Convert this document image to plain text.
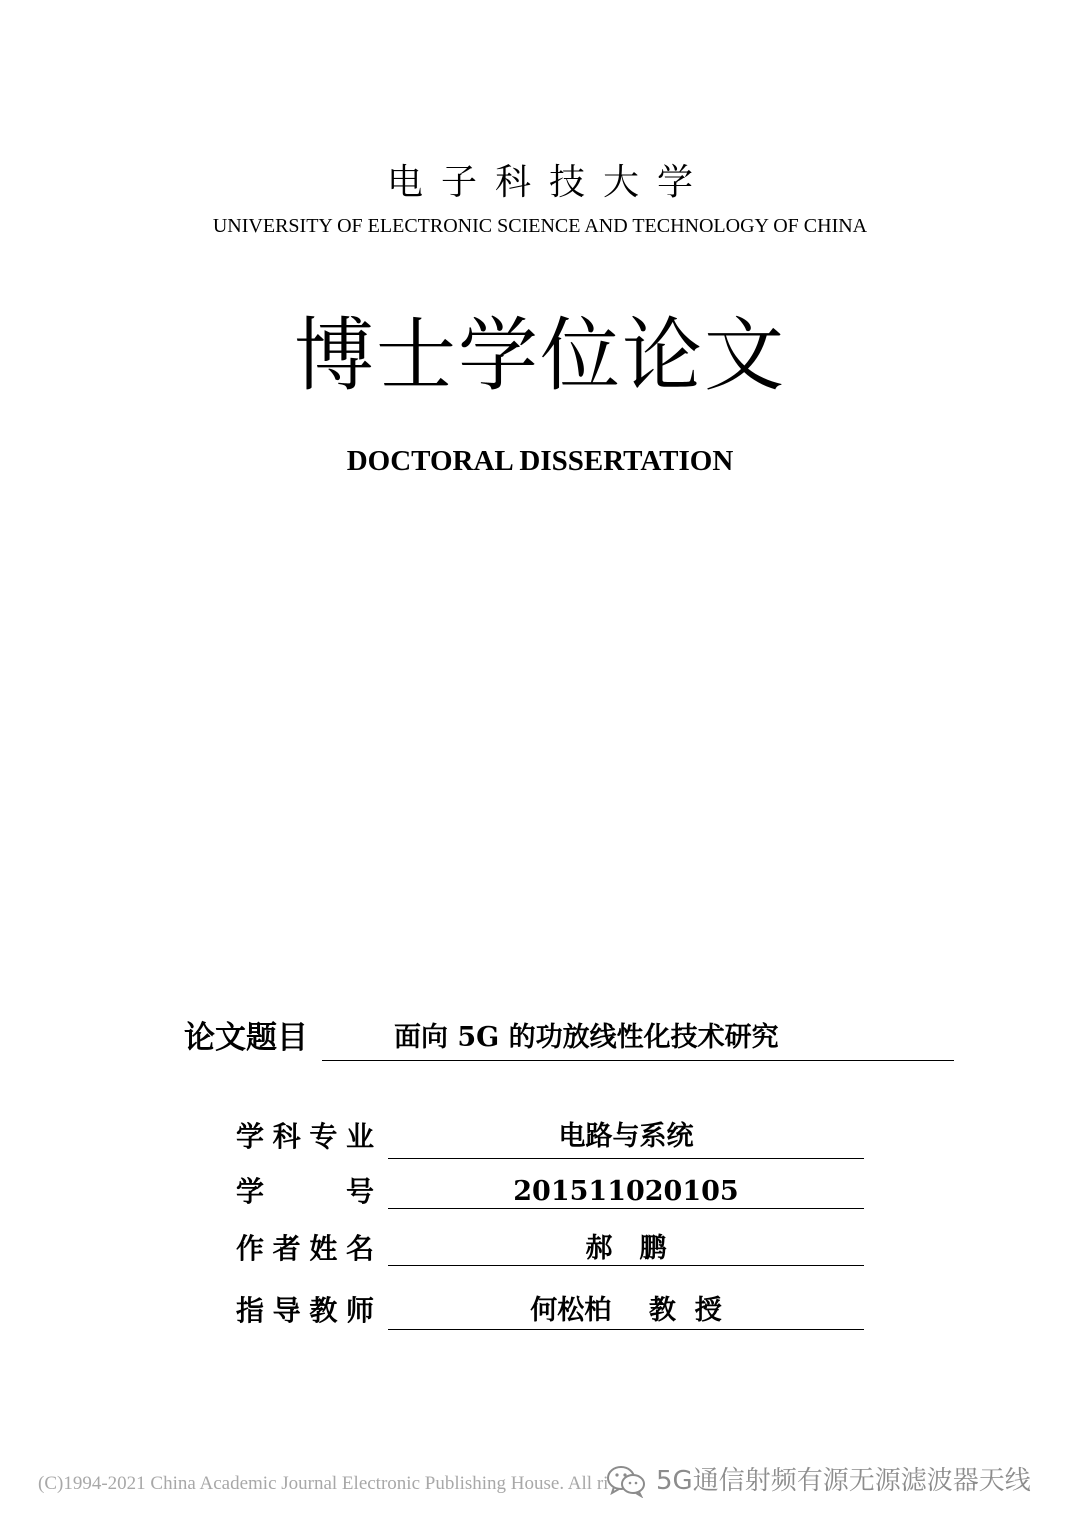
电子科技大学
UNIVERSITY OF ELECTRONIC SCIENCE AND TECHNOLOGY OF CHINA
博士学位论文
DOCTORAL DISSERTATION
论文题目	面向 5G 的功放线性化技术研究
学 科 专 业	电路与系统
学	号	201511020105
作 者 姓 名	郝　鹏
指 导 教 师	何松柏    教  授
(C)1994-2021 China Academic Journal Electronic Publishing House. All ri 5G通信射频有源无源滤波器天线
